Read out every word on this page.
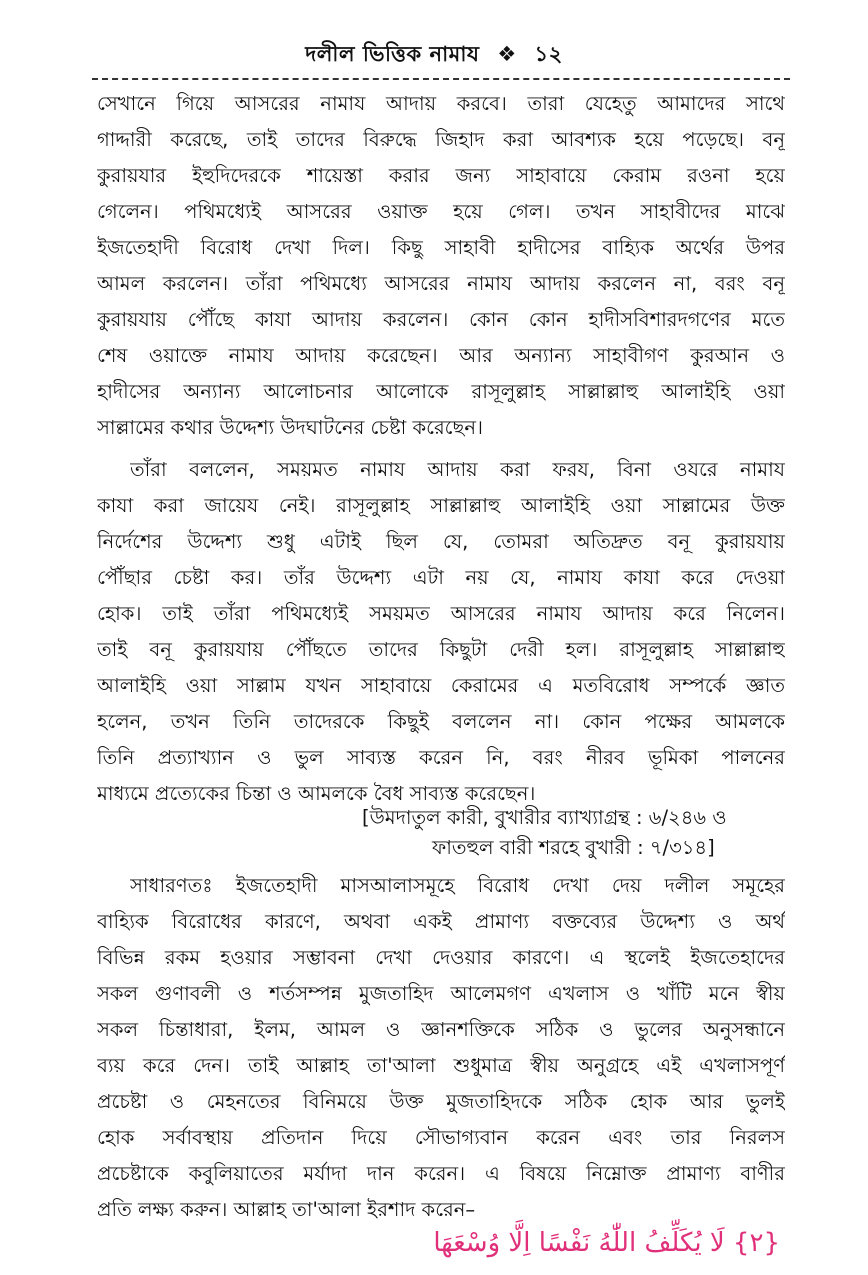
দলীল ভিত্তিক নামায ❖ ১২
সেখানে গিয়ে আসরের নামায আদায় করবে। তারা যেহেতু আমাদের সাথে
গাদ্দারী করেছে, তাই তাদের বিরুদ্ধে জিহাদ করা আবশ্যক হয়ে পড়েছে। বনূ
কুরায়যার ইহুদিদেরকে শায়েস্তা করার জন্য সাহাবায়ে কেরাম রওনা হয়ে
গেলেন। পথিমধ্যেই আসরের ওয়াক্ত হয়ে গেল। তখন সাহাবীদের মাঝে
ইজতেহাদী বিরোধ দেখা দিল। কিছু সাহাবী হাদীসের বাহ্যিক অর্থের উপর
আমল করলেন। তাঁরা পথিমধ্যে আসরের নামায আদায় করলেন না, বরং বনূ
কুরায়যায় পৌঁছে কাযা আদায় করলেন। কোন কোন হাদীসবিশারদগণের মতে
শেষ ওয়াক্তে নামায আদায় করেছেন। আর অন্যান্য সাহাবীগণ কুরআন ও
হাদীসের অন্যান্য আলোচনার আলোকে রাসূলুল্লাহ সাল্লাল্লাহু আলাইহি ওয়া
সাল্লামের কথার উদ্দেশ্য উদঘাটনের চেষ্টা করেছেন।
তাঁরা বললেন, সময়মত নামায আদায় করা ফরয, বিনা ওযরে নামায
কাযা করা জায়েয নেই। রাসূলুল্লাহ সাল্লাল্লাহু আলাইহি ওয়া সাল্লামের উক্ত
নির্দেশের উদ্দেশ্য শুধু এটাই ছিল যে, তোমরা অতিদ্রুত বনূ কুরায়যায়
পৌঁছার চেষ্টা কর। তাঁর উদ্দেশ্য এটা নয় যে, নামায কাযা করে দেওয়া
হোক। তাই তাঁরা পথিমধ্যেই সময়মত আসরের নামায আদায় করে নিলেন।
তাই বনূ কুরায়যায় পৌঁছতে তাদের কিছুটা দেরী হল। রাসূলুল্লাহ সাল্লাল্লাহু
আলাইহি ওয়া সাল্লাম যখন সাহাবায়ে কেরামের এ মতবিরোধ সম্পর্কে জ্ঞাত
হলেন, তখন তিনি তাদেরকে কিছুই বললেন না। কোন পক্ষের আমলকে
তিনি প্রত্যাখ্যান ও ভুল সাব্যস্ত করেন নি, বরং নীরব ভূমিকা পালনের
মাধ্যমে প্রত্যেকের চিন্তা ও আমলকে বৈধ সাব্যস্ত করেছেন।
[উমদাতুল কারী, বুখারীর ব্যাখ্যাগ্রন্থ : ৬/২৪৬ ও
ফাতহুল বারী শরহে বুখারী : ৭/৩১৪]
সাধারণতঃ ইজতেহাদী মাসআলাসমূহে বিরোধ দেখা দেয় দলীল সমূহের
বাহ্যিক বিরোধের কারণে, অথবা একই প্রামাণ্য বক্তব্যের উদ্দেশ্য ও অর্থ
বিভিন্ন রকম হওয়ার সম্ভাবনা দেখা দেওয়ার কারণে। এ স্থলেই ইজতেহাদের
সকল গুণাবলী ও শর্তসম্পন্ন মুজতাহিদ আলেমগণ এখলাস ও খাঁটি মনে স্বীয়
সকল চিন্তাধারা, ইলম, আমল ও জ্ঞানশক্তিকে সঠিক ও ভুলের অনুসন্ধানে
ব্যয় করে দেন। তাই আল্লাহ তা'আলা শুধুমাত্র স্বীয় অনুগ্রহে এই এখলাসপূর্ণ
প্রচেষ্টা ও মেহনতের বিনিময়ে উক্ত মুজতাহিদকে সঠিক হোক আর ভুলই
হোক সর্বাবস্থায় প্রতিদান দিয়ে সৌভাগ্যবান করেন এবং তার নিরলস
প্রচেষ্টাকে কবুলিয়াতের মর্যাদা দান করেন। এ বিষয়ে নিম্নোক্ত প্রামাণ্য বাণীর
প্রতি লক্ষ্য করুন। আল্লাহ তা'আলা ইরশাদ করেন–
{٢} لَا يُكَلِّفُ اللّٰهُ نَفْسًا اِلَّا وُسْعَهَا
